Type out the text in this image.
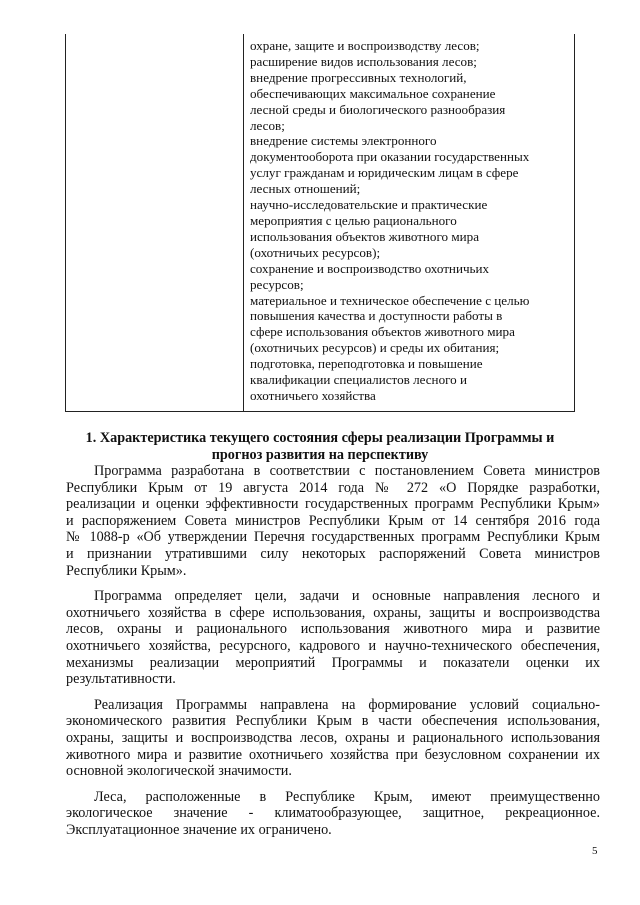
охране, защите и воспроизводству лесов;
расширение видов использования лесов;
внедрение прогрессивных технологий,
обеспечивающих максимальное сохранение
лесной среды и биологического разнообразия
лесов;
внедрение системы электронного
документооборота при оказании государственных
услуг гражданам и юридическим лицам в сфере
лесных отношений;
научно-исследовательские и практические
мероприятия с целью рационального
использования объектов животного мира
(охотничьих ресурсов);
сохранение и воспроизводство охотничьих
ресурсов;
материальное и техническое обеспечение с целью
повышения качества и доступности работы в
сфере использования объектов животного мира
(охотничьих ресурсов) и среды их обитания;
подготовка, переподготовка и повышение
квалификации специалистов лесного и
охотничьего хозяйства
1. Характеристика текущего состояния сферы реализации Программы и
прогноз развития на перспективу
Программа разработана в соответствии с постановлением Совета министров
Республики Крым от 19 августа 2014 года № 272 «О Порядке разработки,
реализации и оценки эффективности государственных программ Республики Крым»
и распоряжением Совета министров Республики Крым от 14 сентября 2016 года
№ 1088-р «Об утверждении Перечня государственных программ Республики Крым
и признании утратившими силу некоторых распоряжений Совета министров
Республики Крым».
Программа определяет цели, задачи и основные направления лесного и
охотничьего хозяйства в сфере использования, охраны, защиты и воспроизводства
лесов, охраны и рационального использования животного мира и развитие
охотничьего хозяйства, ресурсного, кадрового и научно-технического обеспечения,
механизмы реализации мероприятий Программы и показатели оценки их
результативности.
Реализация Программы направлена на формирование условий социально-
экономического развития Республики Крым в части обеспечения использования,
охраны, защиты и воспроизводства лесов, охраны и рационального использования
животного мира и развитие охотничьего хозяйства при безусловном сохранении их
основной экологической значимости.
Леса, расположенные в Республике Крым, имеют преимущественно
экологическое значение - климатообразующее, защитное, рекреационное.
Эксплуатационное значение их ограничено.
5
